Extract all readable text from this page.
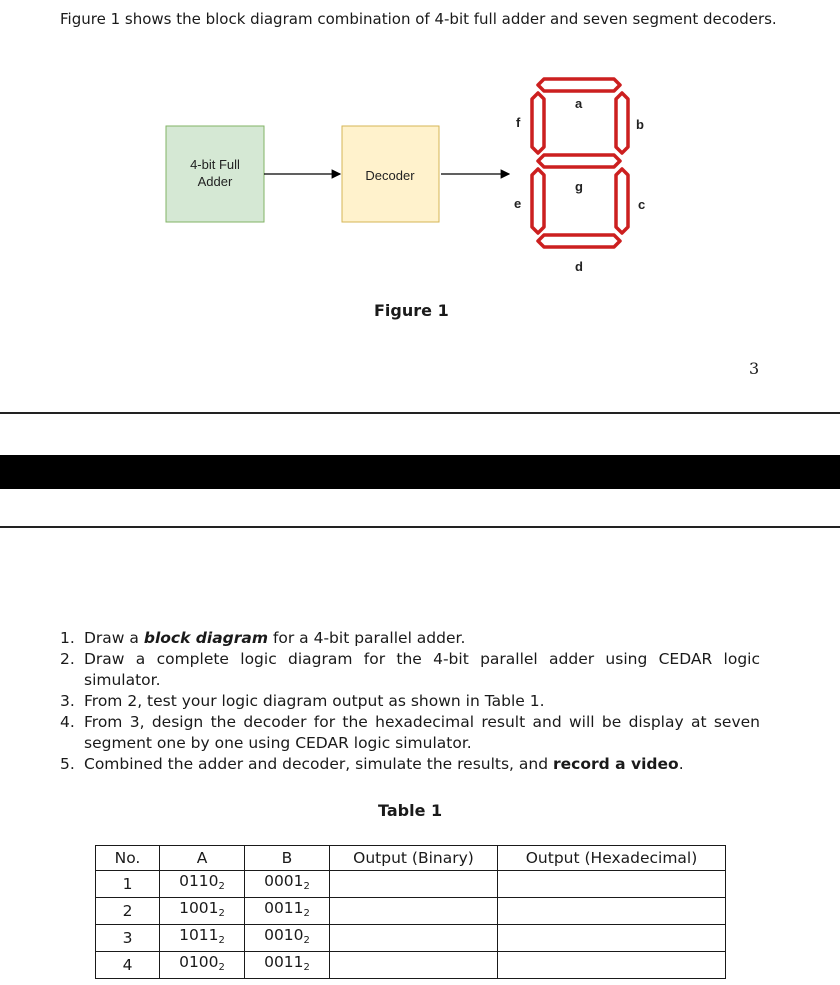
Figure 1 shows the block diagram combination of 4-bit full adder and seven segment decoders.

4-bit Full
Adder	Decoder
a
b
f
g
e	c
d

Figure 1

3
1. Draw a block diagram for a 4-bit parallel adder.
2. Draw a complete logic diagram for the 4-bit parallel adder using CEDAR logic simulator.
3. From 2, test your logic diagram output as shown in Table 1.
4. From 3, design the decoder for the hexadecimal result and will be display at seven segment one by one using CEDAR logic simulator.
5. Combined the adder and decoder, simulate the results, and record a video.

Table 1

No.	A	B	Output (Binary)	Output (Hexadecimal)
1	$0110_2$	$0001_2$		
2	$1001_2$	$0011_2$		
3	$1011_2$	$0010_2$		
4	$0100_2$	$0011_2$		
